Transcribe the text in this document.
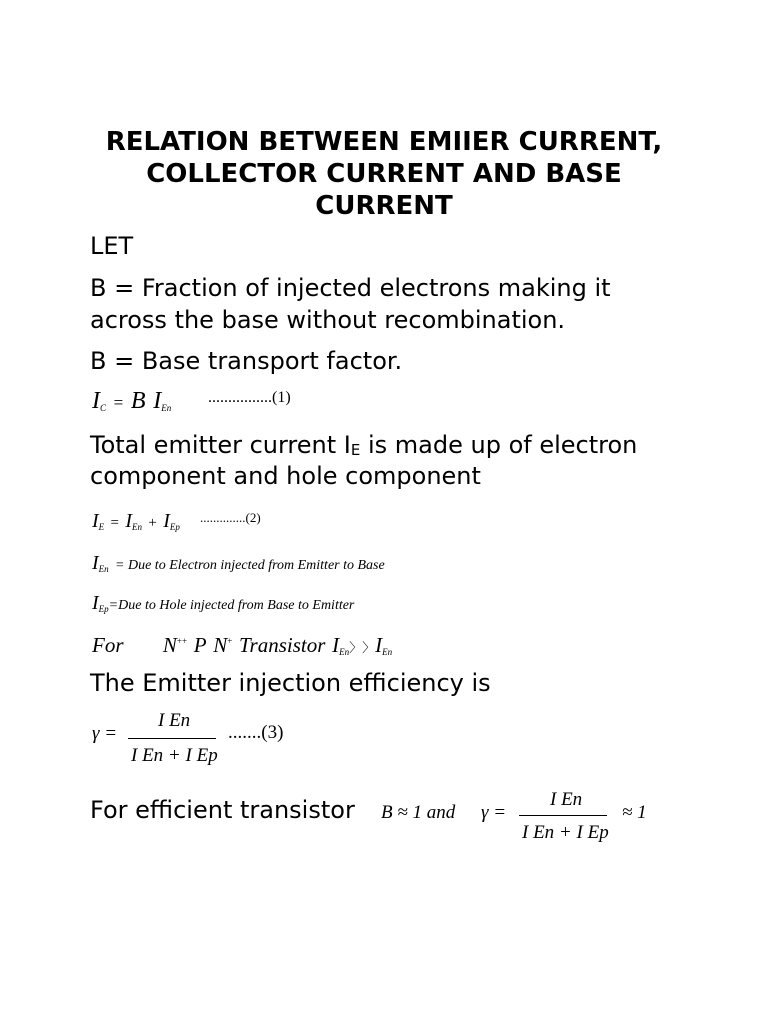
RELATION BETWEEN EMIIER CURRENT,
COLLECTOR CURRENT AND BASE
CURRENT
LET
B = Fraction of injected electrons making it
across the base without recombination.
B = Base transport factor.
$I_C = B$ $I_{En}$
................(1)
Total emitter current IE is made up of electron
component and hole component
$I_E = I_{En} + I_{Ep}$
..............(2)
$I_{En}$ = Due to Electron injected from Emitter to Base
$I_{Ep}=Due$ to Hole injected from Base to Emitter
For N++ P N+ Transistor $I_{En}〉〉I_{En}$
The Emitter injection efficiency is
γ =
I En
I En + I Ep
.......(3)
For efficient transistor B ≈ 1 and γ =
I En
I En + I Ep
≈ 1
